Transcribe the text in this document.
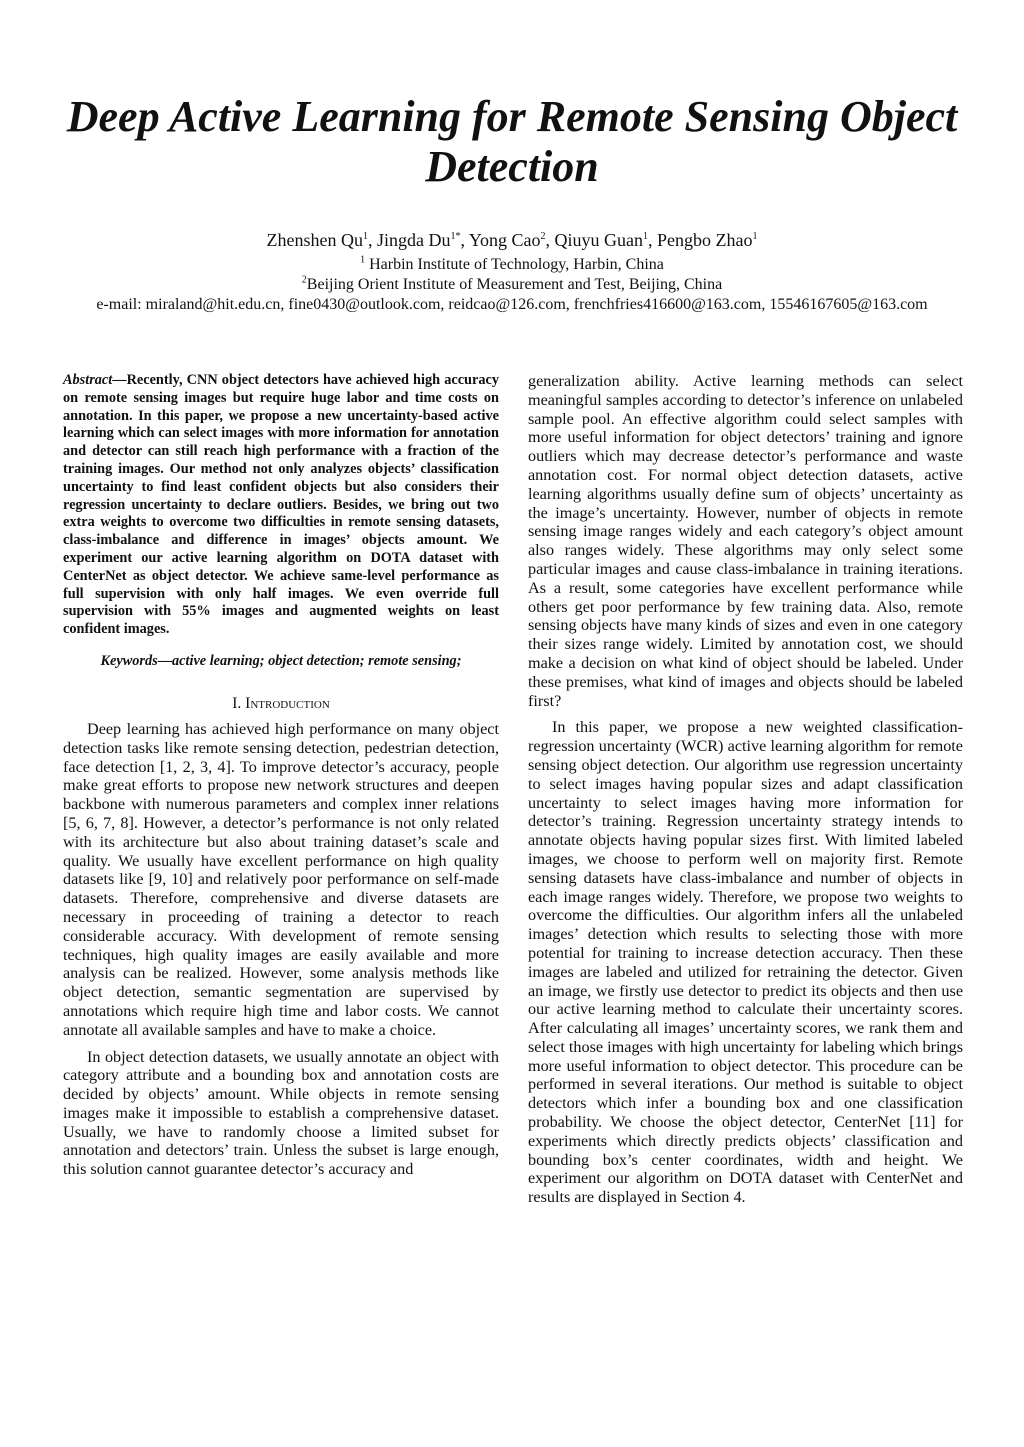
Deep Active Learning for Remote Sensing Object Detection
Zhenshen Qu$^1$, Jingda $Du^{1*}$, Yong Cao$^2$, Qiuyu Guan$^1$, Pengbo Zhao$^1$
$^1$ Harbin Institute of Technology, Harbin, China
$^2$Beijing Orient Institute of Measurement and Test, Beijing, China
e-mail: miraland@hit.edu.cn, fine0430@outlook.com, reidcao@126.com, frenchfries416600@163.com, 15546167605@163.com

Abstract—Recently, CNN object detectors have achieved high accuracy on remote sensing images but require huge labor and time costs on annotation. In this paper, we propose a new uncertainty-based active learning which can select images with more information for annotation and detector can still reach high performance with a fraction of the training images. Our method not only analyzes objects’ classification uncertainty to find least confident objects but also considers their regression uncertainty to declare outliers. Besides, we bring out two extra weights to overcome two difficulties in remote sensing datasets, class-imbalance and difference in images’ objects amount. We experiment our active learning algorithm on DOTA dataset with CenterNet as object detector. We achieve same-level performance as full supervision with only half images. We even override full supervision with 55% images and augmented weights on least confident images.

Keywords—active learning; object detection; remote sensing;

I. Introduction

Deep learning has achieved high performance on many object detection tasks like remote sensing detection, pedestrian detection, face detection [1, 2, 3, 4]. To improve detector’s accuracy, people make great efforts to propose new network structures and deepen backbone with numerous parameters and complex inner relations [5, 6, 7, 8]. However, a detector’s performance is not only related with its architecture but also about training dataset’s scale and quality. We usually have excellent performance on high quality datasets like [9, 10] and relatively poor performance on self-made datasets. Therefore, comprehensive and diverse datasets are necessary in proceeding of training a detector to reach considerable accuracy. With development of remote sensing techniques, high quality images are easily available and more analysis can be realized. However, some analysis methods like object detection, semantic segmentation are supervised by annotations which require high time and labor costs. We cannot annotate all available samples and have to make a choice.

In object detection datasets, we usually annotate an object with category attribute and a bounding box and annotation costs are decided by objects’ amount. While objects in remote sensing images make it impossible to establish a comprehensive dataset. Usually, we have to randomly choose a limited subset for annotation and detectors’ train. Unless the subset is large enough, this solution cannot guarantee detector’s accuracy and

generalization ability. Active learning methods can select meaningful samples according to detector’s inference on unlabeled sample pool. An effective algorithm could select samples with more useful information for object detectors’ training and ignore outliers which may decrease detector’s performance and waste annotation cost. For normal object detection datasets, active learning algorithms usually define sum of objects’ uncertainty as the image’s uncertainty. However, number of objects in remote sensing image ranges widely and each category’s object amount also ranges widely. These algorithms may only select some particular images and cause class-imbalance in training iterations. As a result, some categories have excellent performance while others get poor performance by few training data. Also, remote sensing objects have many kinds of sizes and even in one category their sizes range widely. Limited by annotation cost, we should make a decision on what kind of object should be labeled. Under these premises, what kind of images and objects should be labeled first?

In this paper, we propose a new weighted classification-regression uncertainty (WCR) active learning algorithm for remote sensing object detection. Our algorithm use regression uncertainty to select images having popular sizes and adapt classification uncertainty to select images having more information for detector’s training. Regression uncertainty strategy intends to annotate objects having popular sizes first. With limited labeled images, we choose to perform well on majority first. Remote sensing datasets have class-imbalance and number of objects in each image ranges widely. Therefore, we propose two weights to overcome the difficulties. Our algorithm infers all the unlabeled images’ detection which results to selecting those with more potential for training to increase detection accuracy. Then these images are labeled and utilized for retraining the detector. Given an image, we firstly use detector to predict its objects and then use our active learning method to calculate their uncertainty scores. After calculating all images’ uncertainty scores, we rank them and select those images with high uncertainty for labeling which brings more useful information to object detector. This procedure can be performed in several iterations. Our method is suitable to object detectors which infer a bounding box and one classification probability. We choose the object detector, CenterNet [11] for experiments which directly predicts objects’ classification and bounding box’s center coordinates, width and height. We experiment our algorithm on DOTA dataset with CenterNet and results are displayed in Section 4.
